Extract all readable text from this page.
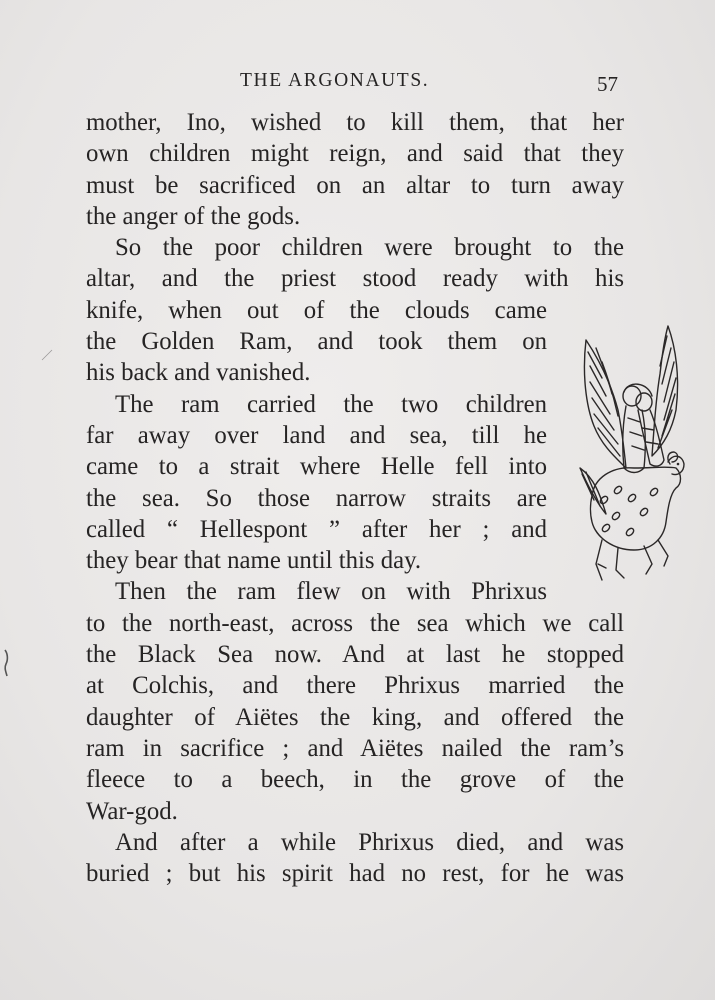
THE ARGONAUTS.	57
mother, Ino, wished to kill them, that her
own children might reign, and said that they
must be sacrificed on an altar to turn away
the anger of the gods.
So the poor children were brought to the
altar, and the priest stood ready with his
knife, when out of the clouds came
the Golden Ram, and took them on
his back and vanished.
The ram carried the two children
far away over land and sea, till he
came to a strait where Helle fell into
the sea. So those narrow straits are
called “ Hellespont ” after her ; and
they bear that name until this day.
Then the ram flew on with Phrixus
to the north-east, across the sea which we call
the Black Sea now. And at last he stopped
at Colchis, and there Phrixus married the
daughter of Aiëtes the king, and offered the
ram in sacrifice ; and Aiëtes nailed the ram’s
fleece to a beech, in the grove of the
War-god.
And after a while Phrixus died, and was
buried ; but his spirit had no rest, for he was
